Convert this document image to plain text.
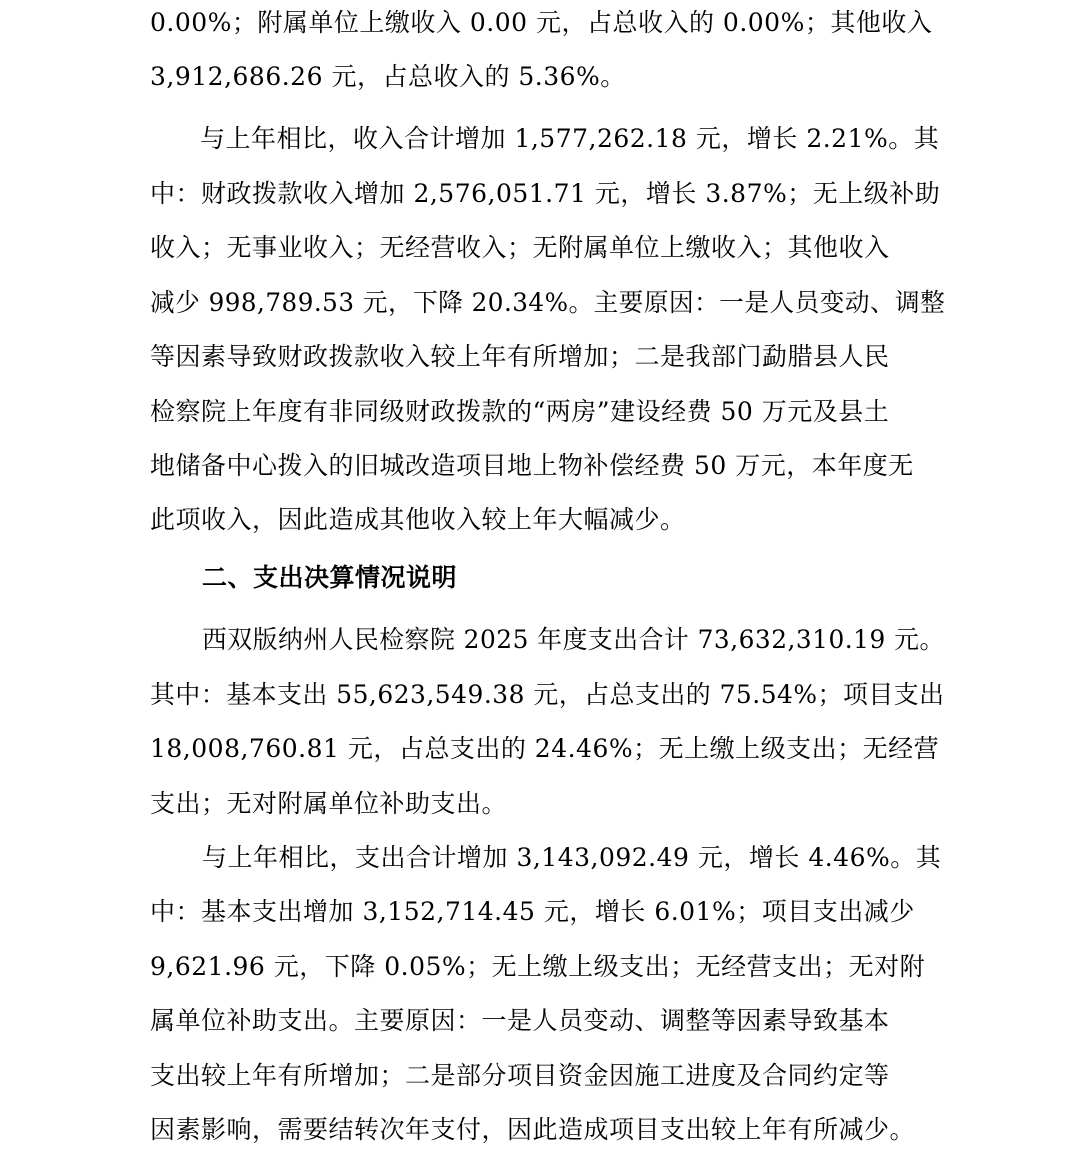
0.00%；附属单位上缴收入 0.00 元，占总收入的 0.00%；其他收入
3,912,686.26 元，占总收入的 5.36%。
与上年相比，收入合计增加 1,577,262.18 元，增长 2.21%。其
中：财政拨款收入增加 2,576,051.71 元，增长 3.87%；无上级补助
收入；无事业收入；无经营收入；无附属单位上缴收入；其他收入
减少 998,789.53 元，下降 20.34%。主要原因：一是人员变动、调整
等因素导致财政拨款收入较上年有所增加；二是我部门勐腊县人民
检察院上年度有非同级财政拨款的“两房”建设经费 50 万元及县土
地储备中心拨入的旧城改造项目地上物补偿经费 50 万元，本年度无
此项收入，因此造成其他收入较上年大幅减少。
二、支出决算情况说明
西双版纳州人民检察院 2025 年度支出合计 73,632,310.19 元。
其中：基本支出 55,623,549.38 元，占总支出的 75.54%；项目支出
18,008,760.81 元，占总支出的 24.46%；无上缴上级支出；无经营
支出；无对附属单位补助支出。
与上年相比，支出合计增加 3,143,092.49 元，增长 4.46%。其
中：基本支出增加 3,152,714.45 元，增长 6.01%；项目支出减少
9,621.96 元，下降 0.05%；无上缴上级支出；无经营支出；无对附
属单位补助支出。主要原因：一是人员变动、调整等因素导致基本
支出较上年有所增加；二是部分项目资金因施工进度及合同约定等
因素影响，需要结转次年支付，因此造成项目支出较上年有所减少。
